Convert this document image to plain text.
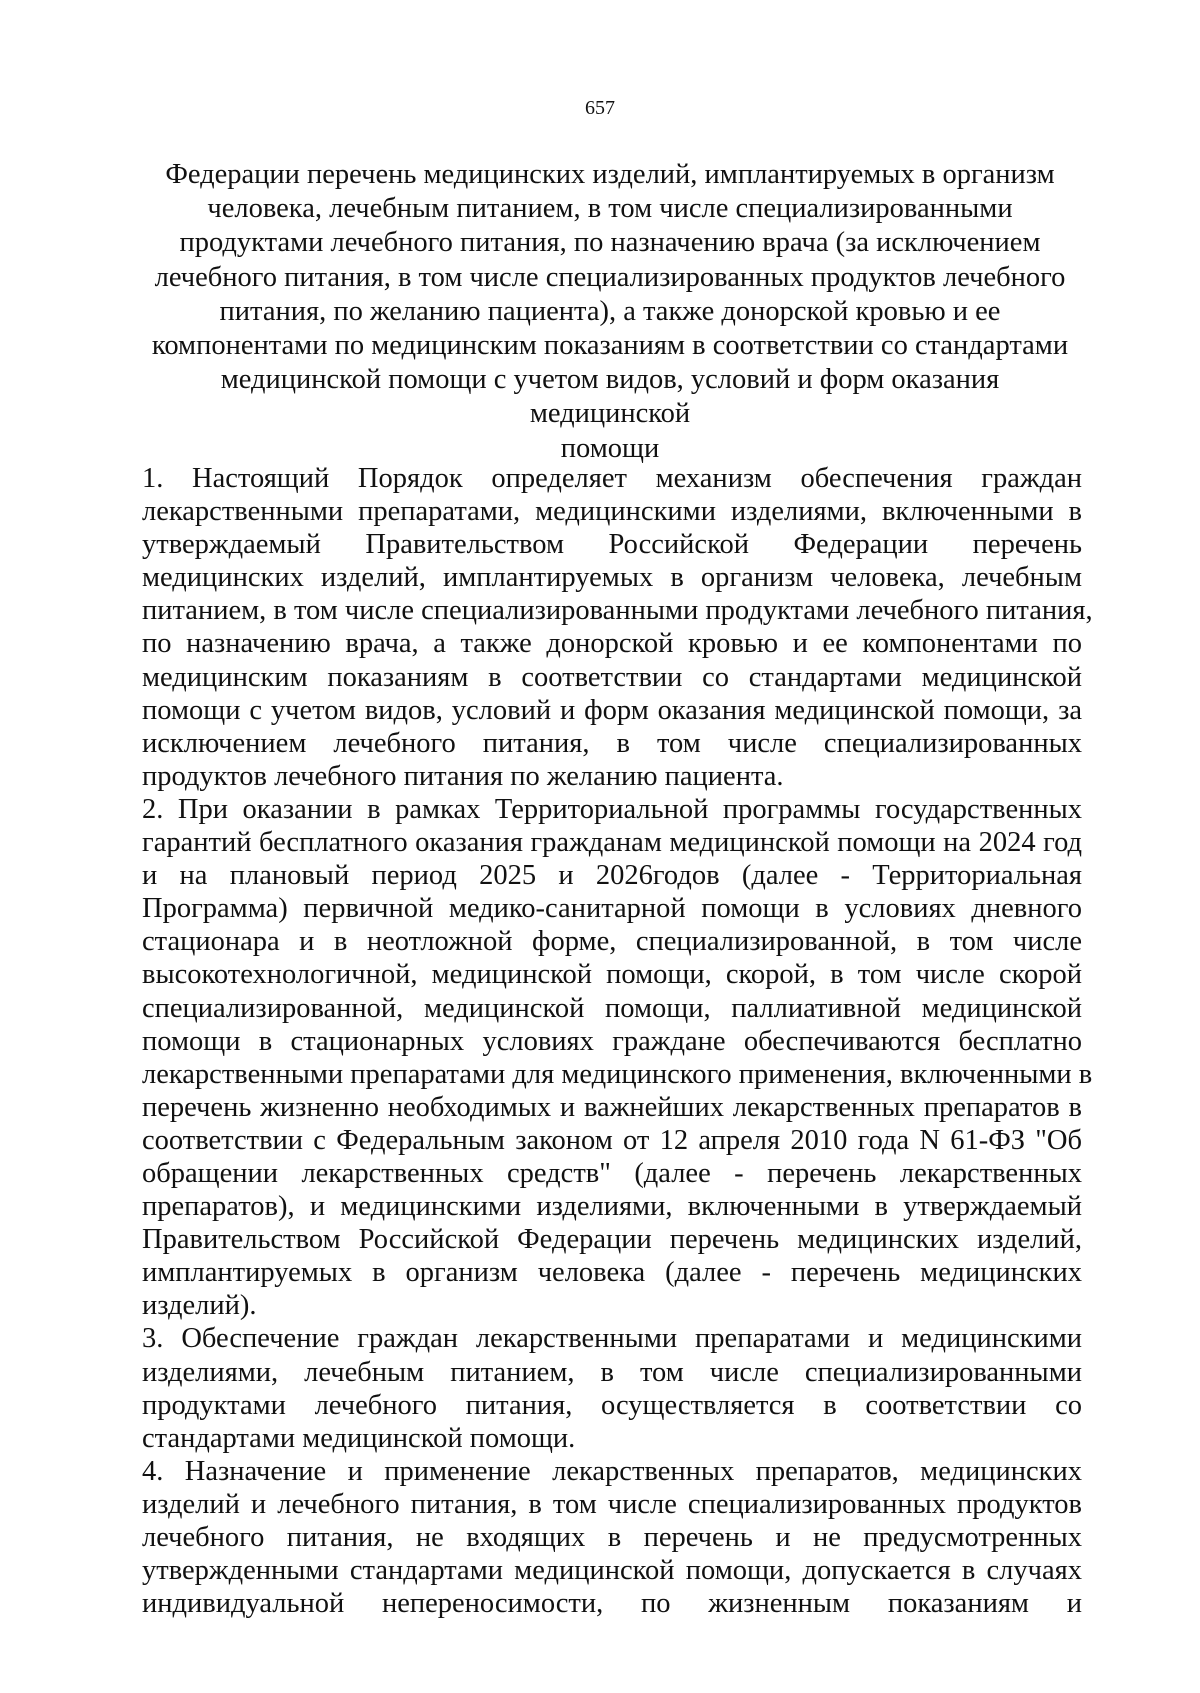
657
Федерации перечень медицинских изделий, имплантируемых в организм
человека, лечебным питанием, в том числе специализированными
продуктами лечебного питания, по назначению врача (за исключением
лечебного питания, в том числе специализированных продуктов лечебного
питания, по желанию пациента), а также донорской кровью и ее
компонентами по медицинским показаниям в соответствии со стандартами
медицинской помощи с учетом видов, условий и форм оказания медицинской
помощи
1. Настоящий Порядок определяет механизм обеспечения граждан
лекарственными препаратами, медицинскими изделиями, включенными в
утверждаемый Правительством Российской Федерации перечень
медицинских изделий, имплантируемых в организм человека, лечебным
питанием, в том числе специализированными продуктами лечебного питания,
по назначению врача, а также донорской кровью и ее компонентами по
медицинским показаниям в соответствии со стандартами медицинской
помощи с учетом видов, условий и форм оказания медицинской помощи, за
исключением лечебного питания, в том числе специализированных
продуктов лечебного питания по желанию пациента.
2. При оказании в рамках Территориальной программы государственных
гарантий бесплатного оказания гражданам медицинской помощи на 2024 год
и на плановый период 2025 и 2026годов (далее - Территориальная
Программа) первичной медико-санитарной помощи в условиях дневного
стационара и в неотложной форме, специализированной, в том числе
высокотехнологичной, медицинской помощи, скорой, в том числе скорой
специализированной, медицинской помощи, паллиативной медицинской
помощи в стационарных условиях граждане обеспечиваются бесплатно
лекарственными препаратами для медицинского применения, включенными в
перечень жизненно необходимых и важнейших лекарственных препаратов в
соответствии с Федеральным законом от 12 апреля 2010 года N 61-ФЗ "Об
обращении лекарственных средств" (далее - перечень лекарственных
препаратов), и медицинскими изделиями, включенными в утверждаемый
Правительством Российской Федерации перечень медицинских изделий,
имплантируемых в организм человека (далее - перечень медицинских
изделий).
3. Обеспечение граждан лекарственными препаратами и медицинскими
изделиями, лечебным питанием, в том числе специализированными
продуктами лечебного питания, осуществляется в соответствии со
стандартами медицинской помощи.
4. Назначение и применение лекарственных препаратов, медицинских
изделий и лечебного питания, в том числе специализированных продуктов
лечебного питания, не входящих в перечень и не предусмотренных
утвержденными стандартами медицинской помощи, допускается в случаях
индивидуальной непереносимости, по жизненным показаниям и
